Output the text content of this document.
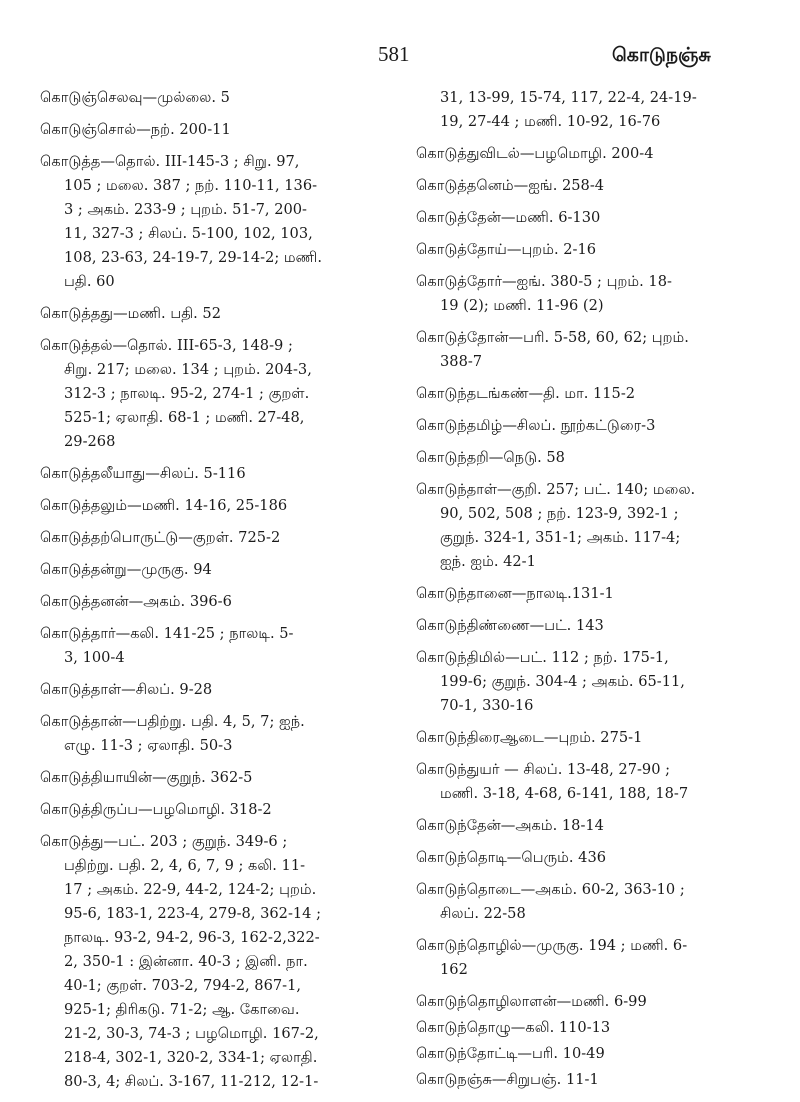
581	கொடுநஞ்சு

கொடுஞ்செலவு—முல்லை. 5

கொடுஞ்சொல்—நற். 200-11

கொடுத்த—தொல். III-145-3 ; சிறு. 97,
105 ; மலை. 387 ; நற். 110-11, 136-
3 ; அகம். 233-9 ; புறம். 51-7, 200-
11, 327-3 ; சிலப். 5-100, 102, 103,
108, 23-63, 24-19-7, 29-14-2; மணி.
பதி. 60

கொடுத்தது—மணி. பதி. 52

கொடுத்தல்—தொல். III-65-3, 148-9 ;
சிறு. 217; மலை. 134 ; புறம். 204-3,
312-3 ; நாலடி. 95-2, 274-1 ; குறள்.
525-1; ஏலாதி. 68-1 ; மணி. 27-48,
29-268

கொடுத்தலீயாது—சிலப். 5-116

கொடுத்தலும்—மணி. 14-16, 25-186

கொடுத்தற்பொருட்டு—குறள். 725-2

கொடுத்தன்று—முருகு. 94

கொடுத்தனன்—அகம். 396-6

கொடுத்தார்—கலி. 141-25 ; நாலடி. 5-
3, 100-4

கொடுத்தாள்—சிலப். 9-28

கொடுத்தான்—பதிற்று. பதி. 4, 5, 7; ஐந்.
எழு. 11-3 ; ஏலாதி. 50-3

கொடுத்தியாயின்—குறுந். 362-5

கொடுத்திருப்ப—பழமொழி. 318-2

கொடுத்து—பட். 203 ; குறுந். 349-6 ;
பதிற்று. பதி. 2, 4, 6, 7, 9 ; கலி. 11-
17 ; அகம். 22-9, 44-2, 124-2; புறம்.
95-6, 183-1, 223-4, 279-8, 362-14 ;
நாலடி. 93-2, 94-2, 96-3, 162-2,322-
2, 350-1 : இன்னா. 40-3 ; இனி. நா.
40-1; குறள். 703-2, 794-2, 867-1,
925-1; திரிகடு. 71-2; ஆ. கோவை.
21-2, 30-3, 74-3 ; பழமொழி. 167-2,
218-4, 302-1, 320-2, 334-1; ஏலாதி.
80-3, 4; சிலப். 3-167, 11-212, 12-1-

31, 13-99, 15-74, 117, 22-4, 24-19-
19, 27-44 ; மணி. 10-92, 16-76

கொடுத்துவிடல்—பழமொழி. 200-4

கொடுத்தனெம்—ஐங். 258-4

கொடுத்தேன்—மணி. 6-130

கொடுத்தோய்—புறம். 2-16

கொடுத்தோர்—ஐங். 380-5 ; புறம். 18-
19 (2); மணி. 11-96 (2)

கொடுத்தோன்—பரி. 5-58, 60, 62; புறம்.
388-7

கொடுந்தடங்கண்—தி. மா. 115-2

கொடுந்தமிழ்—சிலப். நூற்கட்டுரை-3

கொடுந்தறி—நெடு. 58

கொடுந்தாள்—குறி. 257; பட். 140; மலை.
90, 502, 508 ; நற். 123-9, 392-1 ;
குறுந். 324-1, 351-1; அகம். 117-4;
ஐந். ஐம். 42-1

கொடுந்தானை—நாலடி.131-1

கொடுந்திண்ணை—பட். 143

கொடுந்திமில்—பட். 112 ; நற். 175-1,
199-6; குறுந். 304-4 ; அகம். 65-11,
70-1, 330-16

கொடுந்திரைஆடை—புறம். 275-1

கொடுந்துயர் — சிலப். 13-48, 27-90 ;
மணி. 3-18, 4-68, 6-141, 188, 18-7

கொடுந்தேன்—அகம். 18-14

கொடுந்தொடி—பெரும். 436

கொடுந்தொடை—அகம். 60-2, 363-10 ;
சிலப். 22-58

கொடுந்தொழில்—முருகு. 194 ; மணி. 6-
162

கொடுந்தொழிலாளன்—மணி. 6-99

கொடுந்தொழு—கலி. 110-13

கொடுந்தோட்டி—பரி. 10-49

கொடுநஞ்சு—சிறுபஞ். 11-1
